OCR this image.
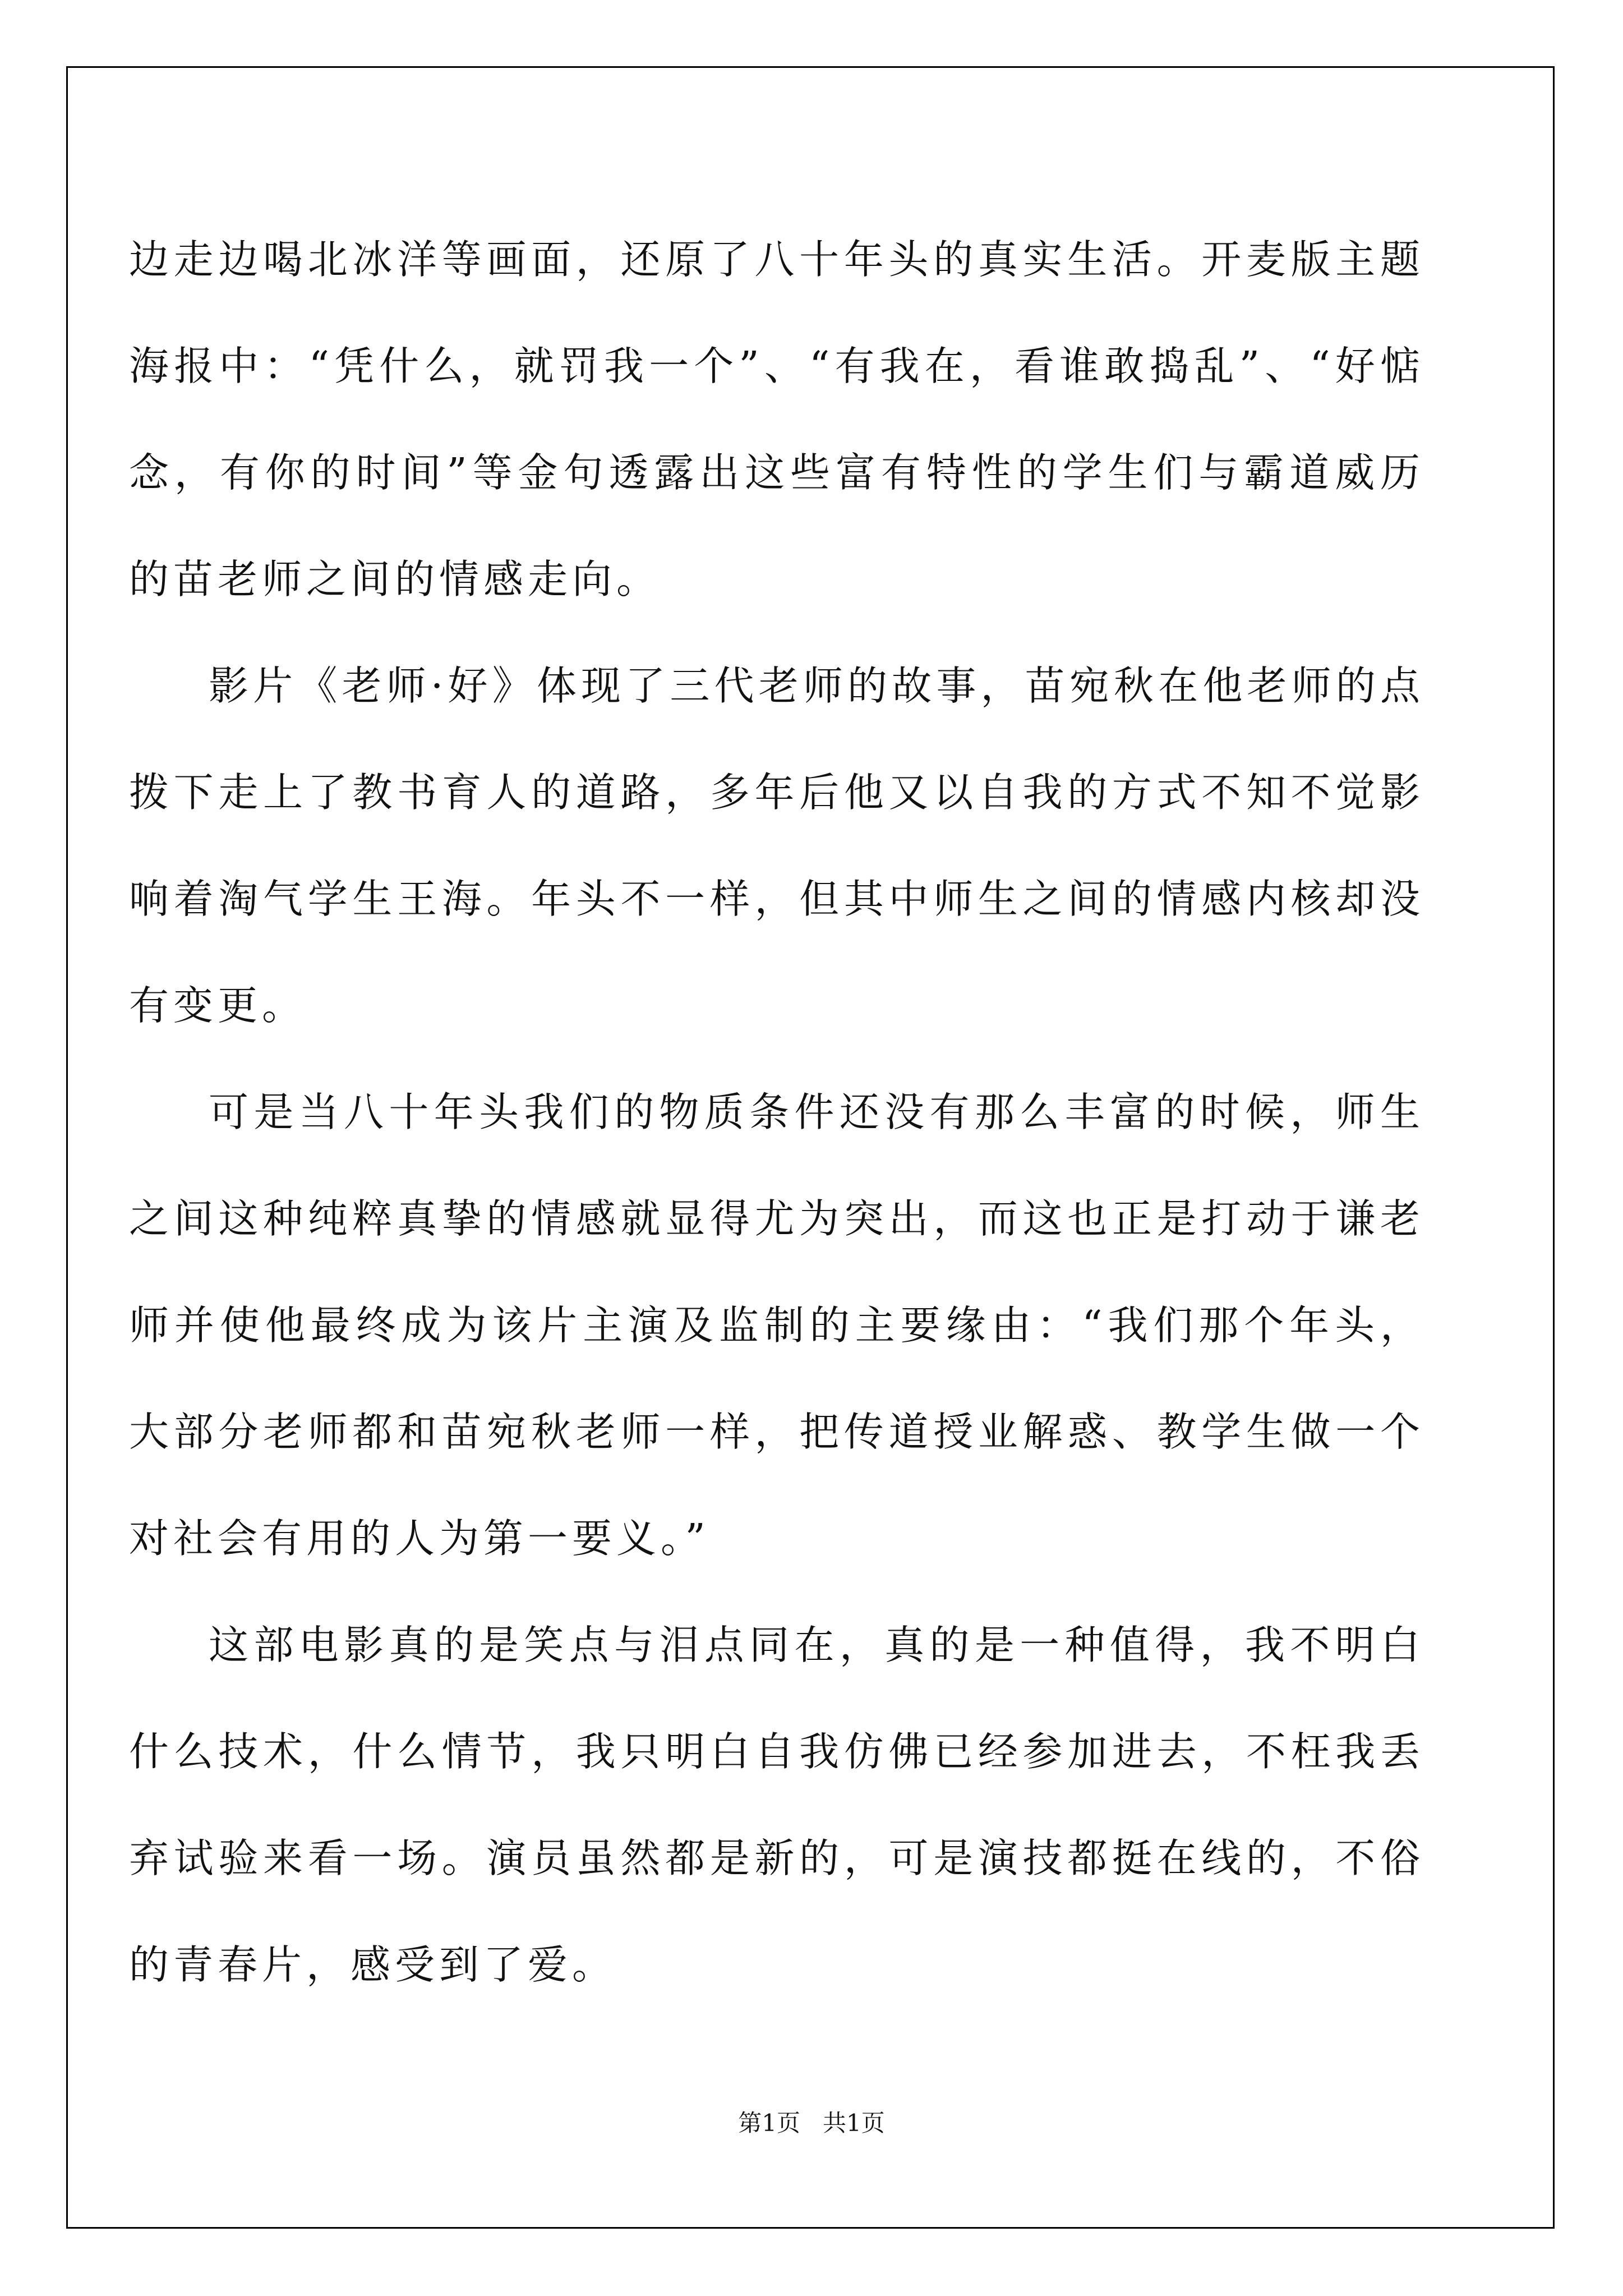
边走边喝北冰洋等画面，还原了八十年头的真实生活。开麦版主题海报中：“凭什么，就罚我一个”、“有我在，看谁敢捣乱”、“好惦念，有你的时间”等金句透露出这些富有特性的学生们与霸道威历的苗老师之间的情感走向。

影片《老师·好》体现了三代老师的故事，苗宛秋在他老师的点拨下走上了教书育人的道路，多年后他又以自我的方式不知不觉影响着淘气学生王海。年头不一样，但其中师生之间的情感内核却没有变更。

可是当八十年头我们的物质条件还没有那么丰富的时候，师生之间这种纯粹真挚的情感就显得尤为突出，而这也正是打动于谦老师并使他最终成为该片主演及监制的主要缘由：“我们那个年头，大部分老师都和苗宛秋老师一样，把传道授业解惑、教学生做一个对社会有用的人为第一要义。”

这部电影真的是笑点与泪点同在，真的是一种值得，我不明白什么技术，什么情节，我只明白自我仿佛已经参加进去，不枉我丢弃试验来看一场。演员虽然都是新的，可是演技都挺在线的，不俗的青春片，感受到了爱。

第1页   共1页
